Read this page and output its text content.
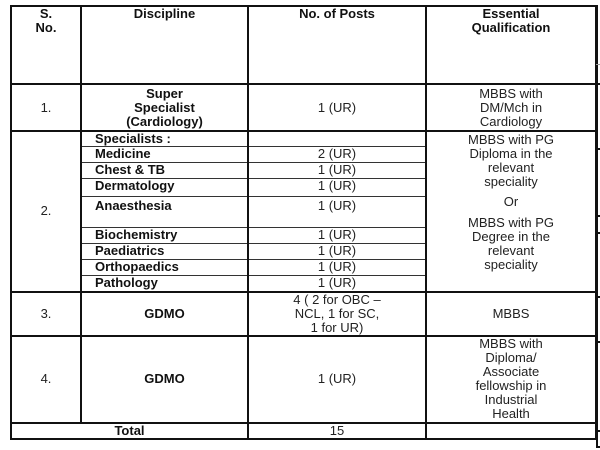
S.
No.	Discipline	No. of Posts	Essential
Qualification
1.	Super
Specialist
(Cardiology)	1 (UR)	MBBS with
DM/Mch in
Cardiology
2.	Specialists :		MBBS with PG
Diploma in the
relevant
speciality

Or

MBBS with PG
Degree in the
relevant
speciality
	Medicine	2 (UR)	
	Chest & TB	1 (UR)	
	Dermatology	1 (UR)	
	Anaesthesia	1 (UR)	
	Biochemistry	1 (UR)	
	Paediatrics	1 (UR)	
	Orthopaedics	1 (UR)	
	Pathology	1 (UR)	
3.	GDMO	4 ( 2 for OBC –
NCL, 1 for SC,
1 for UR)	MBBS
4.	GDMO	1 (UR)	MBBS with
Diploma/
Associate
fellowship in
Industrial
Health
Total		15	
